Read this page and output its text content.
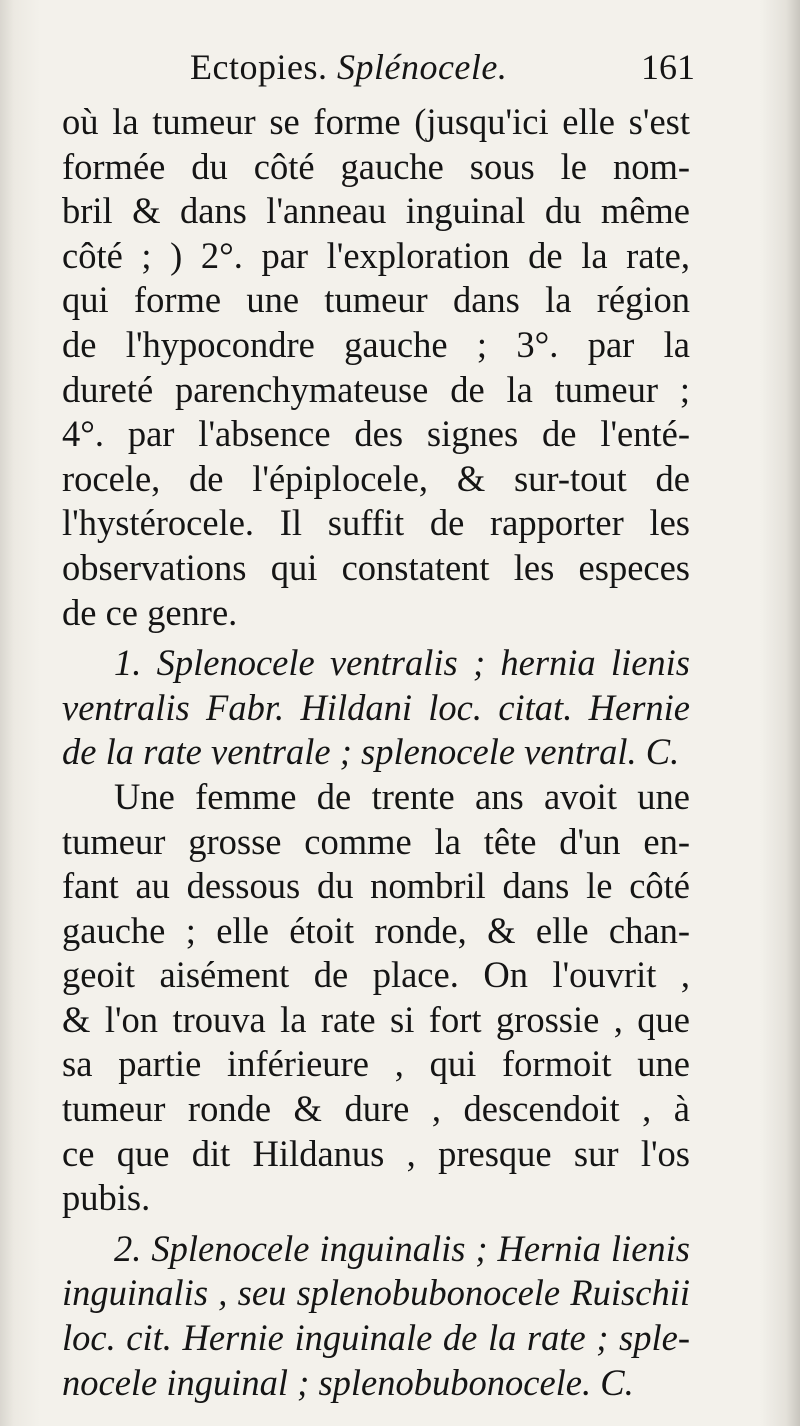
Ectopies. Splénocele.	161
où la tumeur se forme (jusqu'ici elle s'est
formée du côté gauche sous le nom-
bril & dans l'anneau inguinal du même
côté ; ) 2°. par l'exploration de la rate,
qui forme une tumeur dans la région
de l'hypocondre gauche ; 3°. par la
dureté parenchymateuse de la tumeur ;
4°. par l'absence des signes de l'enté-
rocele, de l'épiplocele, & sur-tout de
l'hystérocele. Il suffit de rapporter les
observations qui constatent les especes
de ce genre.
1. Splenocele ventralis ; hernia lienis
ventralis Fabr. Hildani loc. citat. Hernie
de la rate ventrale ; splenocele ventral. C.
Une femme de trente ans avoit une
tumeur grosse comme la tête d'un en-
fant au dessous du nombril dans le côté
gauche ; elle étoit ronde, & elle chan-
geoit aisément de place. On l'ouvrit ,
& l'on trouva la rate si fort grossie , que
sa partie inférieure , qui formoit une
tumeur ronde & dure , descendoit , à
ce que dit Hildanus , presque sur l'os
pubis.
2. Splenocele inguinalis ; Hernia lienis
inguinalis , seu splenobubonocele Ruischii
loc. cit. Hernie inguinale de la rate ; sple-
nocele inguinal ; splenobubonocele. C.
